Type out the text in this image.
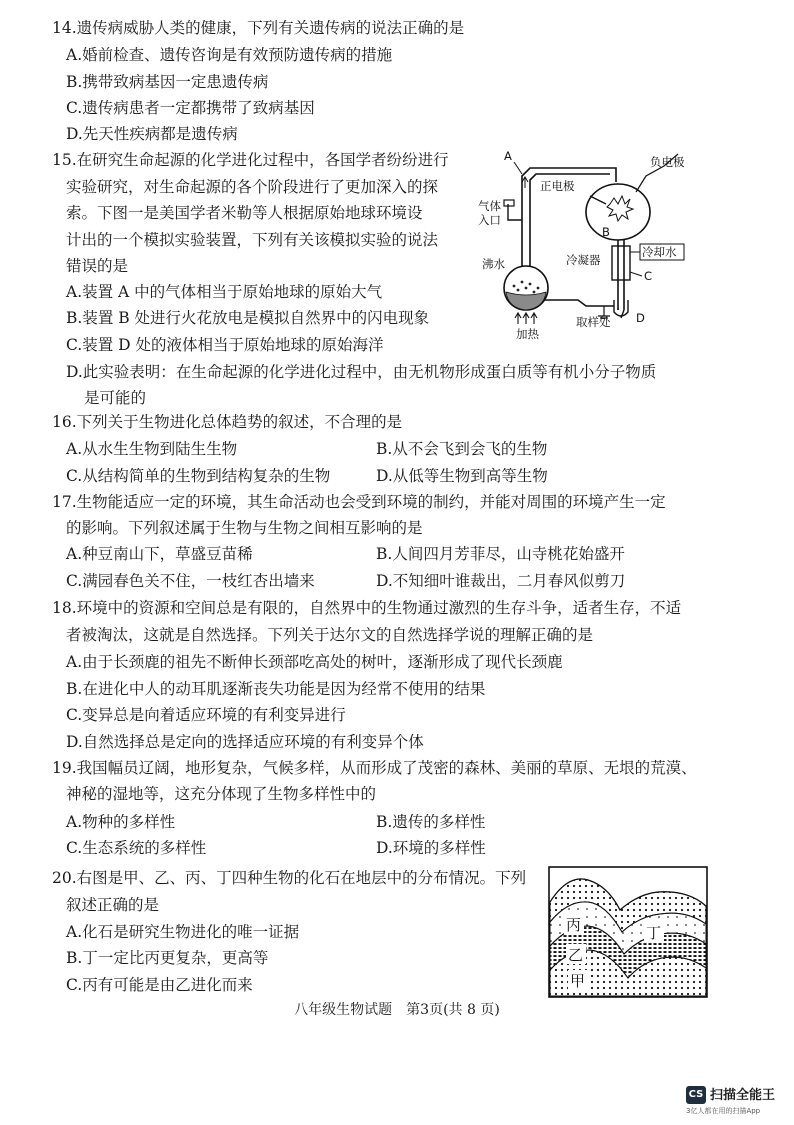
14.遗传病威胁人类的健康，下列有关遗传病的说法正确的是
A.婚前检查、遗传咨询是有效预防遗传病的措施
B.携带致病基因一定患遗传病
C.遗传病患者一定都携带了致病基因
D.先天性疾病都是遗传病
15.在研究生命起源的化学进化过程中，各国学者纷纷进行
实验研究，对生命起源的各个阶段进行了更加深入的探
索。下图一是美国学者米勒等人根据原始地球环境设
计出的一个模拟实验装置，下列有关该模拟实验的说法
错误的是
A.装置 A 中的气体相当于原始地球的原始大气
B.装置 B 处进行火花放电是模拟自然界中的闪电现象
C.装置 D 处的液体相当于原始地球的原始海洋
D.此实验表明：在生命起源的化学进化过程中，由无机物形成蛋白质等有机小分子物质
是可能的
A
正电极
B
负电极
冷凝器
冷却水
C
D
取样处
沸水
气体
入口
加热
16.下列关于生物进化总体趋势的叙述，不合理的是
A.从水生生物到陆生生物	B.从不会飞到会飞的生物
C.从结构简单的生物到结构复杂的生物	D.从低等生物到高等生物
17.生物能适应一定的环境，其生命活动也会受到环境的制约，并能对周围的环境产生一定
的影响。下列叙述属于生物与生物之间相互影响的是
A.种豆南山下，草盛豆苗稀	B.人间四月芳菲尽，山寺桃花始盛开
C.满园春色关不住，一枝红杏出墙来	D.不知细叶谁裁出，二月春风似剪刀
18.环境中的资源和空间总是有限的，自然界中的生物通过激烈的生存斗争，适者生存，不适
者被淘汰，这就是自然选择。下列关于达尔文的自然选择学说的理解正确的是
A.由于长颈鹿的祖先不断伸长颈部吃高处的树叶，逐渐形成了现代长颈鹿
B.在进化中人的动耳肌逐渐丧失功能是因为经常不使用的结果
C.变异总是向着适应环境的有利变异进行
D.自然选择总是定向的选择适应环境的有利变异个体
19.我国幅员辽阔，地形复杂，气候多样，从而形成了茂密的森林、美丽的草原、无垠的荒漠、
神秘的湿地等，这充分体现了生物多样性中的
A.物种的多样性	B.遗传的多样性
C.生态系统的多样性	D.环境的多样性
20.右图是甲、乙、丙、丁四种生物的化石在地层中的分布情况。下列
叙述正确的是
A.化石是研究生物进化的唯一证据
B.丁一定比丙更复杂，更高等
C.丙有可能是由乙进化而来
丙	丁
乙
甲
八年级生物试题　第3页(共 8 页)
CS 扫描全能王
3亿人都在用的扫描App
